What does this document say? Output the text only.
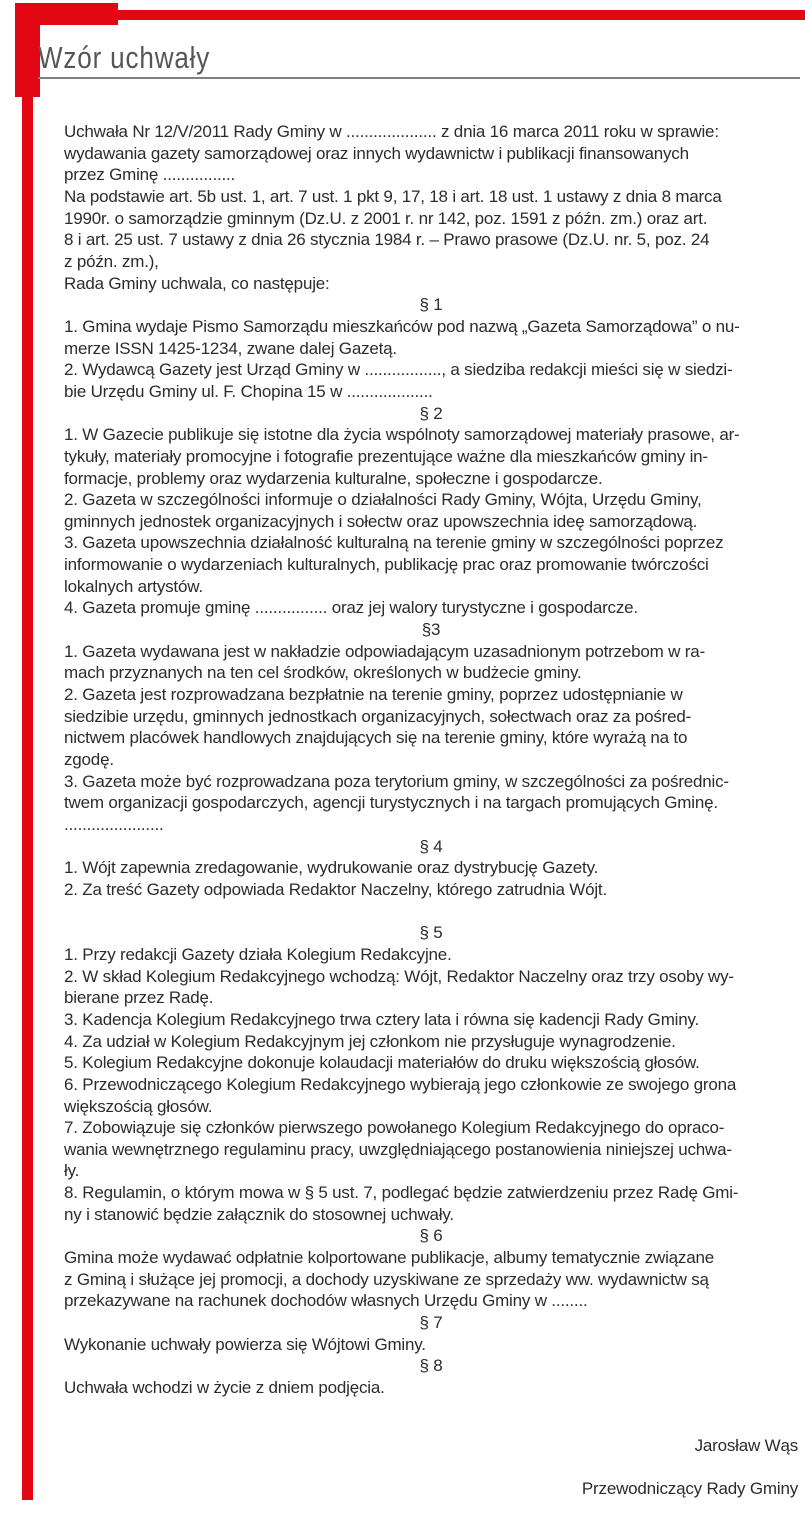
Wzór uchwały
Uchwała Nr 12/V/2011 Rady Gminy w .................... z dnia 16 marca 2011 roku w sprawie:
wydawania gazety samorządowej oraz innych wydawnictw i publikacji finansowanych
przez Gminę ................
Na podstawie art. 5b ust. 1, art. 7 ust. 1 pkt 9, 17, 18 i art. 18 ust. 1 ustawy z dnia 8 marca
1990r. o samorządzie gminnym (Dz.U. z 2001 r. nr 142, poz. 1591 z późn. zm.) oraz art.
8 i art. 25 ust. 7 ustawy z dnia 26 stycznia 1984 r. – Prawo prasowe (Dz.U. nr. 5, poz. 24
z późn. zm.),
Rada Gminy uchwala, co następuje:
§ 1
1. Gmina wydaje Pismo Samorządu mieszkańców pod nazwą „Gazeta Samorządowa” o nu-
merze ISSN 1425-1234, zwane dalej Gazetą.
2. Wydawcą Gazety jest Urząd Gminy w ................., a siedziba redakcji mieści się w siedzi-
bie Urzędu Gminy ul. F. Chopina 15 w ...................
§ 2
1. W Gazecie publikuje się istotne dla życia wspólnoty samorządowej materiały prasowe, ar-
tykuły, materiały promocyjne i fotografie prezentujące ważne dla mieszkańców gminy in-
formacje, problemy oraz wydarzenia kulturalne, społeczne i gospodarcze.
2. Gazeta w szczególności informuje o działalności Rady Gminy, Wójta, Urzędu Gminy,
gminnych jednostek organizacyjnych i sołectw oraz upowszechnia ideę samorządową.
3. Gazeta upowszechnia działalność kulturalną na terenie gminy w szczególności poprzez
informowanie o wydarzeniach kulturalnych, publikację prac oraz promowanie twórczości
lokalnych artystów.
4. Gazeta promuje gminę ................ oraz jej walory turystyczne i gospodarcze.
§3
1. Gazeta wydawana jest w nakładzie odpowiadającym uzasadnionym potrzebom w ra-
mach przyznanych na ten cel środków, określonych w budżecie gminy.
2. Gazeta jest rozprowadzana bezpłatnie na terenie gminy, poprzez udostępnianie w
siedzibie urzędu, gminnych jednostkach organizacyjnych, sołectwach oraz za pośred-
nictwem placówek handlowych znajdujących się na terenie gminy, które wyrażą na to
zgodę.
3. Gazeta może być rozprowadzana poza terytorium gminy, w szczególności za pośrednic-
twem organizacji gospodarczych, agencji turystycznych i na targach promujących Gminę.
......................
§ 4
1. Wójt zapewnia zredagowanie, wydrukowanie oraz dystrybucję Gazety.
2. Za treść Gazety odpowiada Redaktor Naczelny, którego zatrudnia Wójt.
§ 5
1. Przy redakcji Gazety działa Kolegium Redakcyjne.
2. W skład Kolegium Redakcyjnego wchodzą: Wójt, Redaktor Naczelny oraz trzy osoby wy-
bierane przez Radę.
3. Kadencja Kolegium Redakcyjnego trwa cztery lata i równa się kadencji Rady Gminy.
4. Za udział w Kolegium Redakcyjnym jej członkom nie przysługuje wynagrodzenie.
5. Kolegium Redakcyjne dokonuje kolaudacji materiałów do druku większością głosów.
6. Przewodniczącego Kolegium Redakcyjnego wybierają jego członkowie ze swojego grona
większością głosów.
7. Zobowiązuje się członków pierwszego powołanego Kolegium Redakcyjnego do opraco-
wania wewnętrznego regulaminu pracy, uwzględniającego postanowienia niniejszej uchwa-
ły.
8. Regulamin, o którym mowa w § 5 ust. 7, podlegać będzie zatwierdzeniu przez Radę Gmi-
ny i stanowić będzie załącznik do stosownej uchwały.
§ 6
Gmina może wydawać odpłatnie kolportowane publikacje, albumy tematycznie związane
z Gminą i służące jej promocji, a dochody uzyskiwane ze sprzedaży ww. wydawnictw są
przekazywane na rachunek dochodów własnych Urzędu Gminy w ........
§ 7
Wykonanie uchwały powierza się Wójtowi Gminy.
§ 8
Uchwała wchodzi w życie z dniem podjęcia.
Jarosław Wąs
Przewodniczący Rady Gminy
